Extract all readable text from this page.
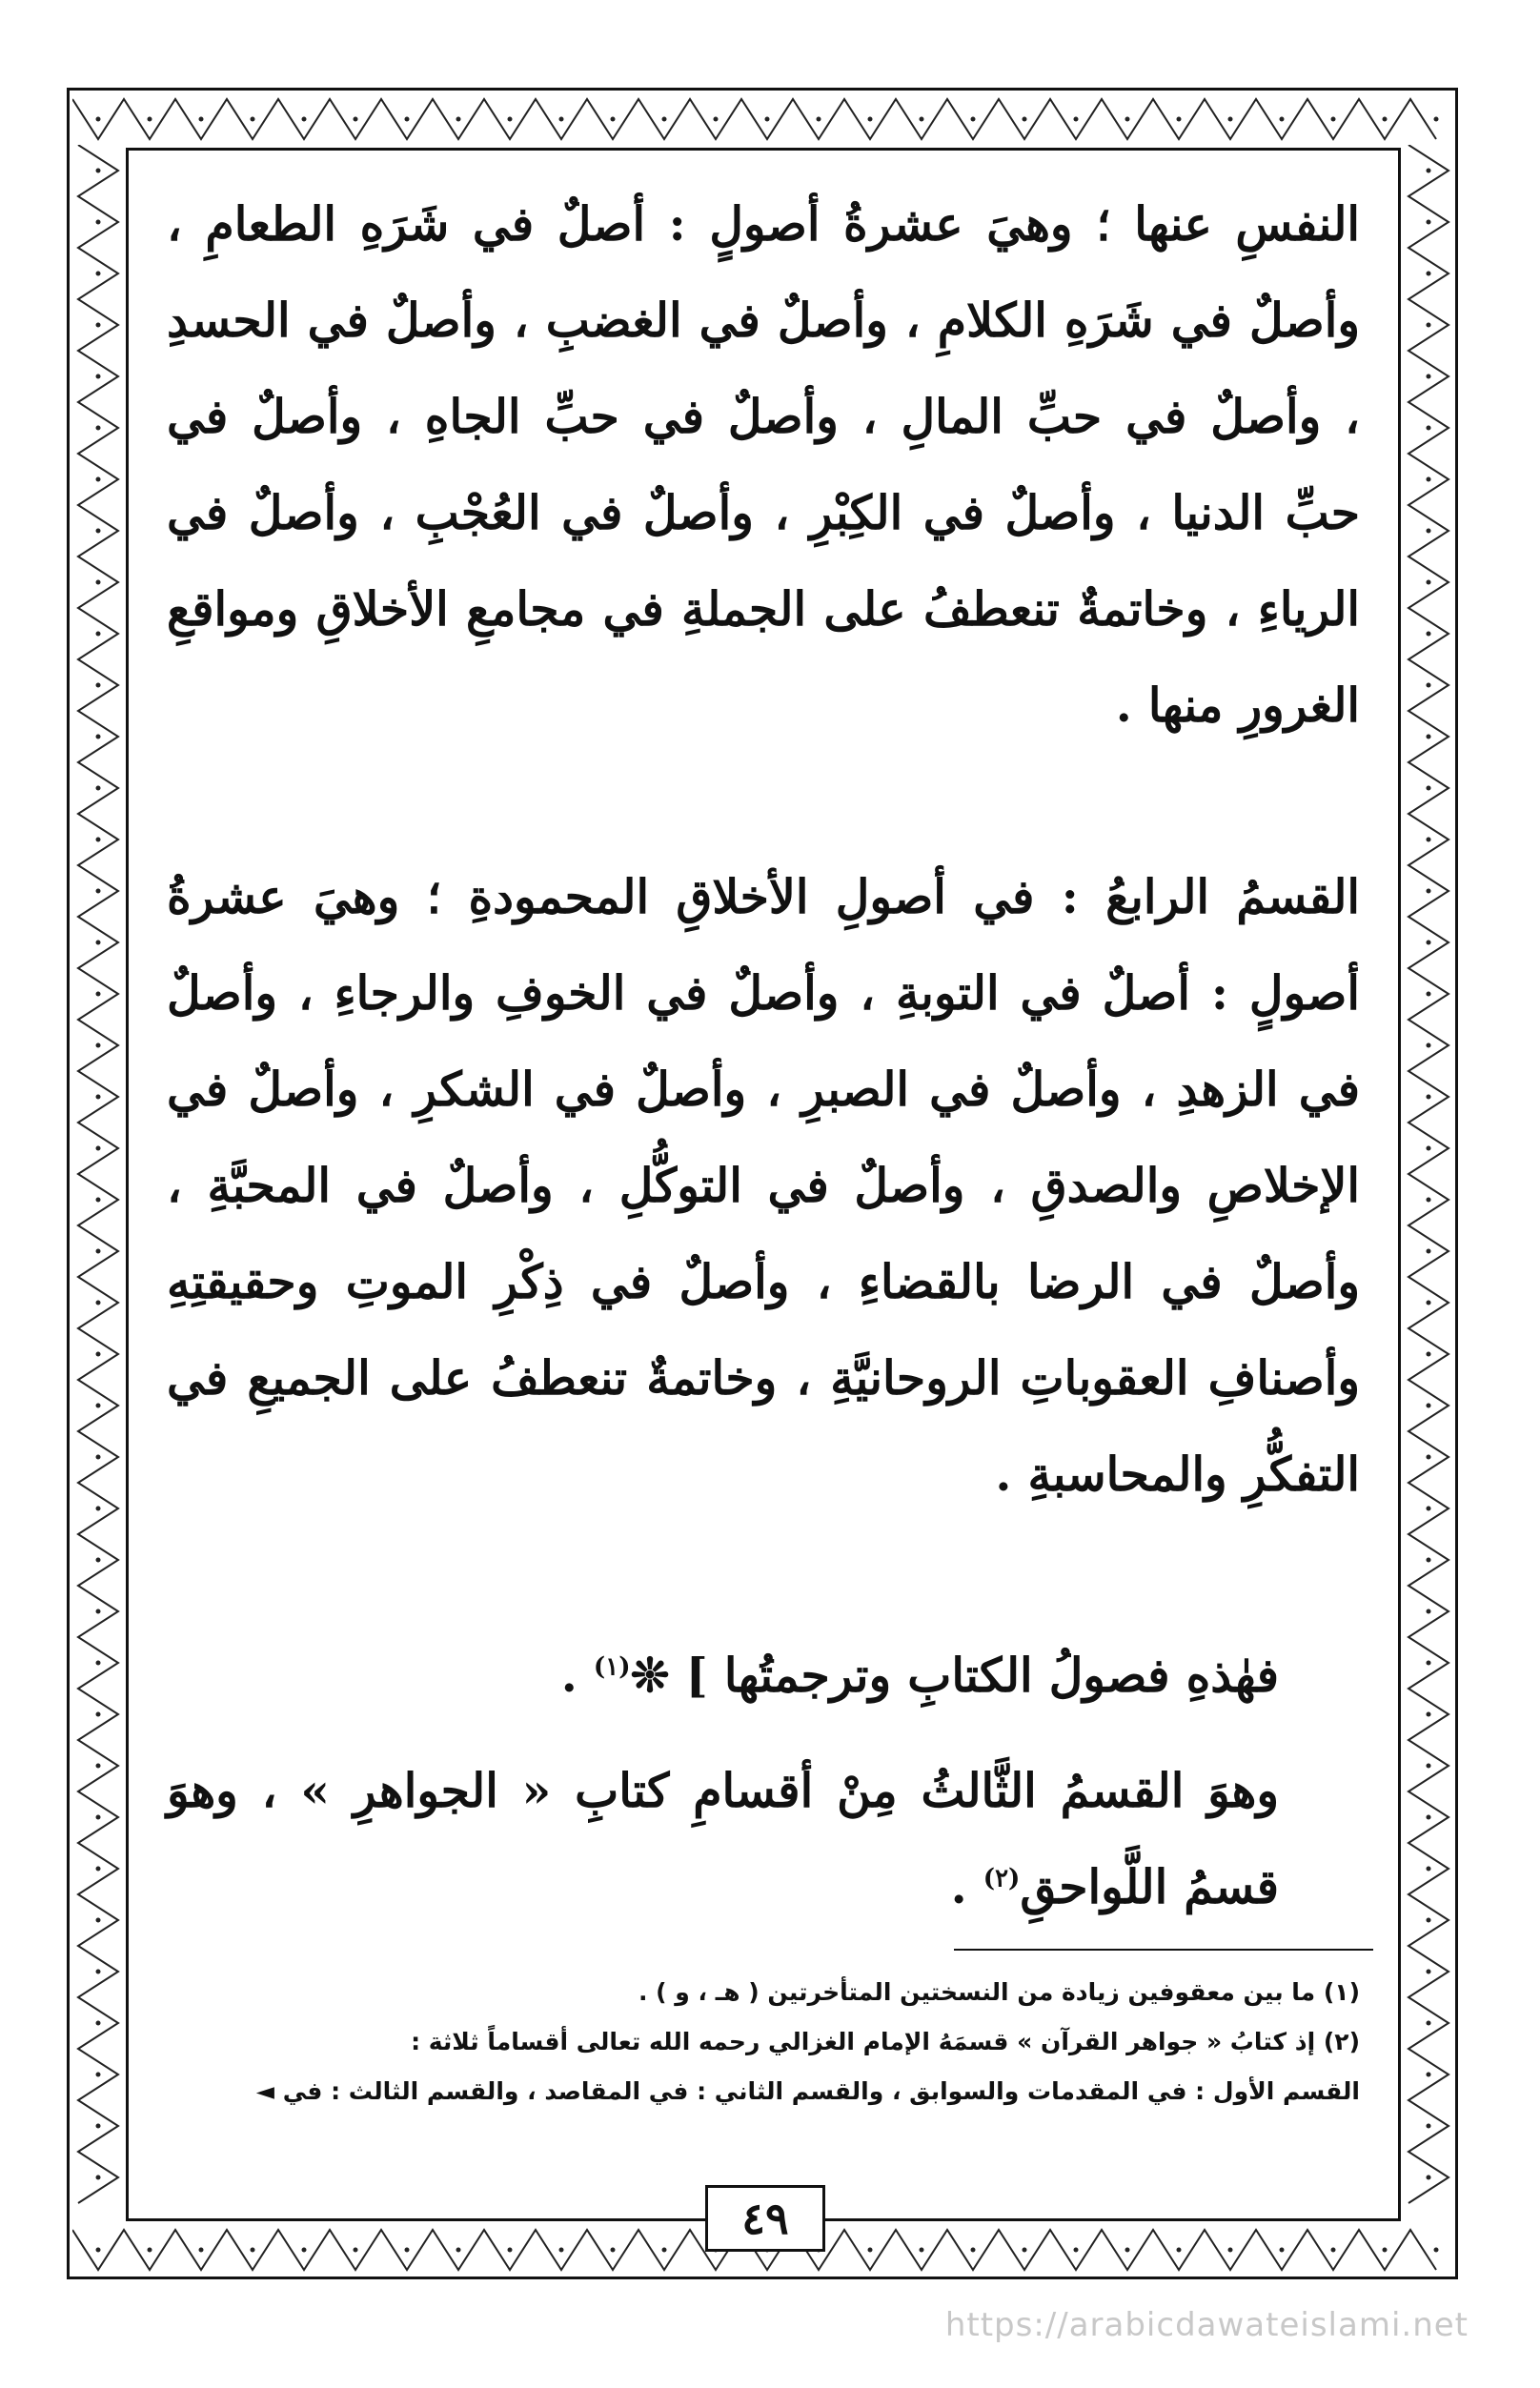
النفسِ عنها ؛ وهيَ عشرةُ أصولٍ : أصلٌ في شَرَهِ الطعامِ ، وأصلٌ في شَرَهِ الكلامِ ، وأصلٌ في الغضبِ ، وأصلٌ في الحسدِ ، وأصلٌ في حبِّ المالِ ، وأصلٌ في حبِّ الجاهِ ، وأصلٌ في حبِّ الدنيا ، وأصلٌ في الكِبْرِ ، وأصلٌ في العُجْبِ ، وأصلٌ في الرياءِ ، وخاتمةٌ تنعطفُ على الجملةِ في مجامعِ الأخلاقِ ومواقعِ الغرورِ منها .

القسمُ الرابعُ : في أصولِ الأخلاقِ المحمودةِ ؛ وهيَ عشرةُ أصولٍ : أصلٌ في التوبةِ ، وأصلٌ في الخوفِ والرجاءِ ، وأصلٌ في الزهدِ ، وأصلٌ في الصبرِ ، وأصلٌ في الشكرِ ، وأصلٌ في الإخلاصِ والصدقِ ، وأصلٌ في التوكُّلِ ، وأصلٌ في المحبَّةِ ، وأصلٌ في الرضا بالقضاءِ ، وأصلٌ في ذِكْرِ الموتِ وحقيقتِهِ وأصنافِ العقوباتِ الروحانيَّةِ ، وخاتمةٌ تنعطفُ على الجميعِ في التفكُّرِ والمحاسبةِ .

فهٰذهِ فصولُ الكتابِ وترجمتُها ] ❊$^{(١)}$ .

وهوَ القسمُ الثَّالثُ مِنْ أقسامِ كتابِ « الجواهرِ » ، وهوَ قسمُ اللَّواحقِ$^{(٢)}$ .

(١) ما بين معقوفين زيادة من النسختين المتأخرتين ( هـ ، و ) .

(٢) إذ كتابُ « جواهر القرآن » قسمَهُ الإمام الغزالي رحمه الله تعالى أقساماً ثلاثة :

القسم الأول : في المقدمات والسوابق ، والقسم الثاني : في المقاصد ، والقسم الثالث : في ◄

٤٩
https://arabicdawateislami.net
